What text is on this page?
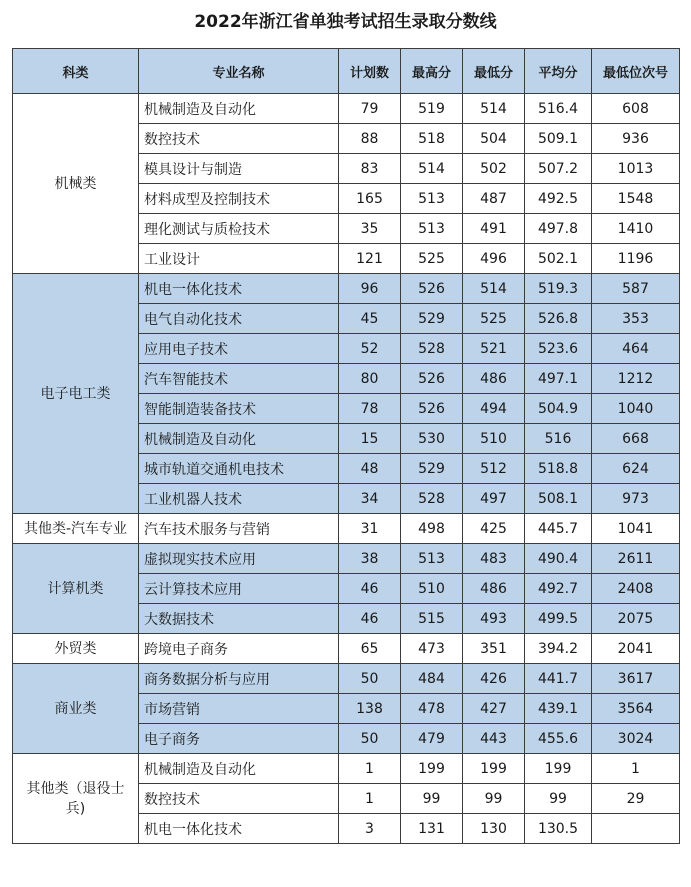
2022年浙江省单独考试招生录取分数线
科类	专业名称	计划数	最高分	最低分	平均分	最低位次号
机械类	机械制造及自动化	79	519	514	516.4	608
	数控技术	88	518	504	509.1	936
	模具设计与制造	83	514	502	507.2	1013
	材料成型及控制技术	165	513	487	492.5	1548
	理化测试与质检技术	35	513	491	497.8	1410
	工业设计	121	525	496	502.1	1196
电子电工类	机电一体化技术	96	526	514	519.3	587
	电气自动化技术	45	529	525	526.8	353
	应用电子技术	52	528	521	523.6	464
	汽车智能技术	80	526	486	497.1	1212
	智能制造装备技术	78	526	494	504.9	1040
	机械制造及自动化	15	530	510	516	668
	城市轨道交通机电技术	48	529	512	518.8	624
	工业机器人技术	34	528	497	508.1	973
其他类-汽车专业	汽车技术服务与营销	31	498	425	445.7	1041
计算机类	虚拟现实技术应用	38	513	483	490.4	2611
	云计算技术应用	46	510	486	492.7	2408
	大数据技术	46	515	493	499.5	2075
外贸类	跨境电子商务	65	473	351	394.2	2041
商业类	商务数据分析与应用	50	484	426	441.7	3617
	市场营销	138	478	427	439.1	3564
	电子商务	50	479	443	455.6	3024
其他类（退役士兵)	机械制造及自动化	1	199	199	199	1
	数控技术	1	99	99	99	29
	机电一体化技术	3	131	130	130.5	
